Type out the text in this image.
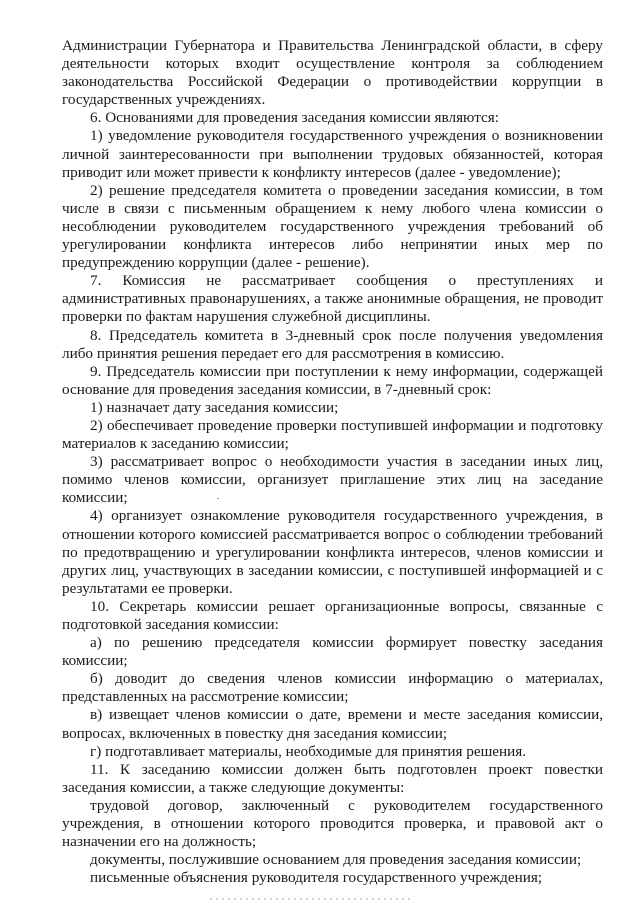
Администрации Губернатора и Правительства Ленинградской области, в сферу деятельности которых входит осуществление контроля за соблюдением законодательства Российской Федерации о противодействии коррупции в государственных учреждениях.

6. Основаниями для проведения заседания комиссии являются:

1) уведомление руководителя государственного учреждения о возникновении личной заинтересованности при выполнении трудовых обязанностей, которая приводит или может привести к конфликту интересов (далее - уведомление);

2) решение председателя комитета о проведении заседания комиссии, в том числе в связи с письменным обращением к нему любого члена комиссии о несоблюдении руководителем государственного учреждения требований об урегулировании конфликта интересов либо непринятии иных мер по предупреждению коррупции (далее - решение).

7. Комиссия не рассматривает сообщения о преступлениях и административных правонарушениях, а также анонимные обращения, не проводит проверки по фактам нарушения служебной дисциплины.

8. Председатель комитета в 3-дневный срок после получения уведомления либо принятия решения передает его для рассмотрения в комиссию.

9. Председатель комиссии при поступлении к нему информации, содержащей основание для проведения заседания комиссии, в 7-дневный срок:

1) назначает дату заседания комиссии;

2) обеспечивает проведение проверки поступившей информации и подготовку материалов к заседанию комиссии;

3) рассматривает вопрос о необходимости участия в заседании иных лиц, помимо членов комиссии, организует приглашение этих лиц на заседание комиссии;

4) организует ознакомление руководителя государственного учреждения, в отношении которого комиссией рассматривается вопрос о соблюдении требований по предотвращению и урегулировании конфликта интересов, членов комиссии и других лиц, участвующих в заседании комиссии, с поступившей информацией и с результатами ее проверки.

10. Секретарь комиссии решает организационные вопросы, связанные с подготовкой заседания комиссии:

а) по решению председателя комиссии формирует повестку заседания комиссии;

б) доводит до сведения членов комиссии информацию о материалах, представленных на рассмотрение комиссии;

в) извещает членов комиссии о дате, времени и месте заседания комиссии, вопросах, включенных в повестку дня заседания комиссии;

г) подготавливает материалы, необходимые для принятия решения.

11. К заседанию комиссии должен быть подготовлен проект повестки заседания комиссии, а также следующие документы:

трудовой договор, заключенный с руководителем государственного учреждения, в отношении которого проводится проверка, и правовой акт о назначении его на должность;

документы, послужившие основанием для проведения заседания комиссии;

письменные объяснения руководителя государственного учреждения;
